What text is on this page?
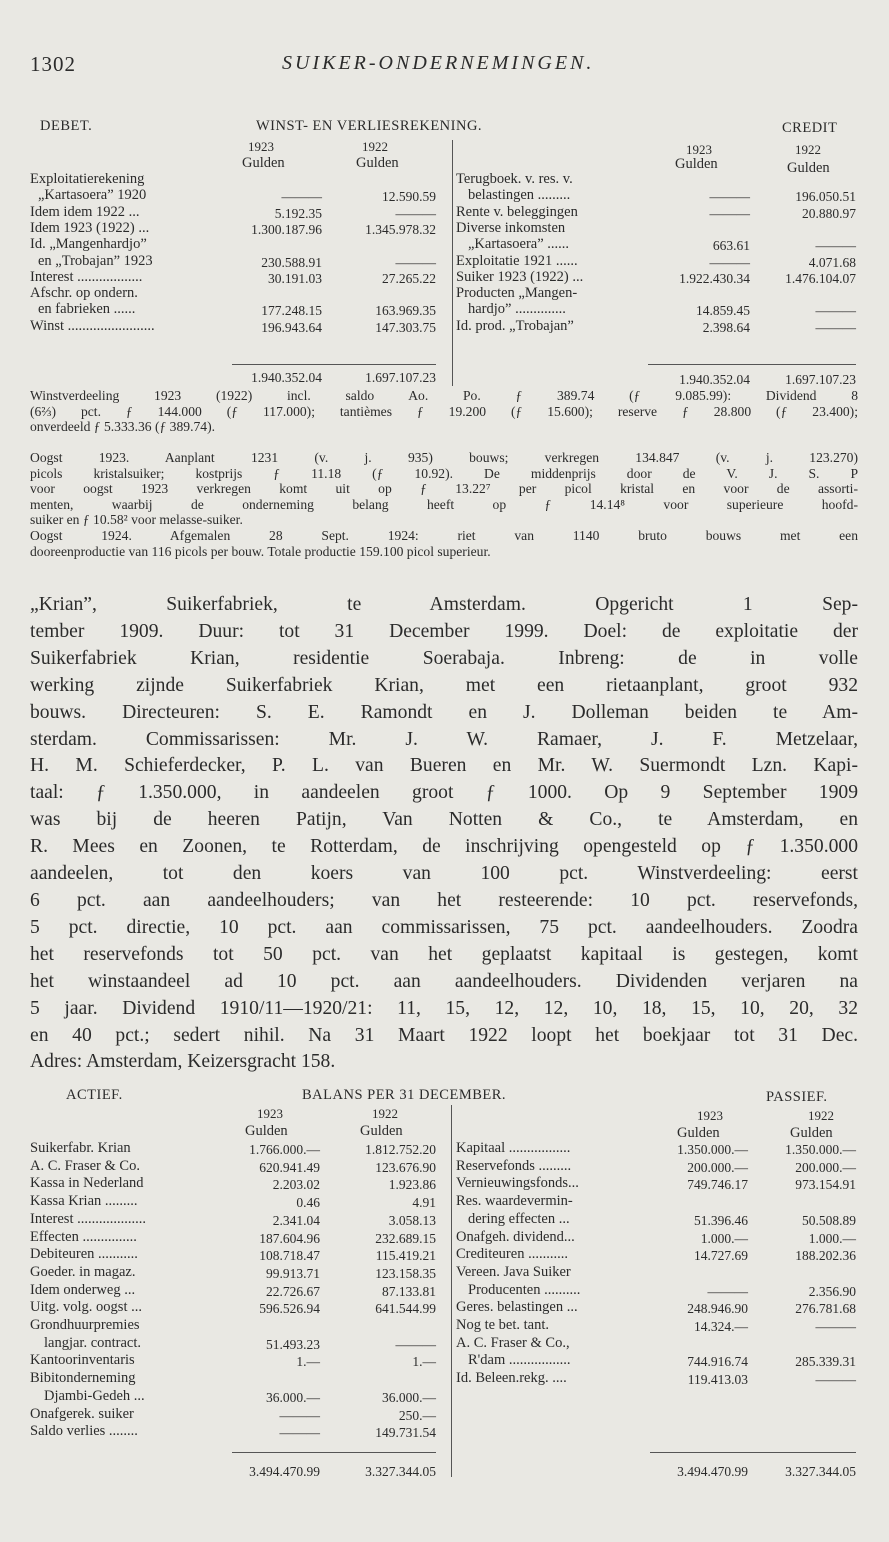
1302	SUIKER-ONDERNEMINGEN.
DEBET.	WINST- EN VERLIESREKENING.	CREDIT
1923	1922	1923	1922
Gulden	Gulden	Gulden	Gulden
Exploitatierekening
„Kartasoera” 1920	———	12.590.59
Idem idem 1922 ...	5.192.35	———
Idem 1923 (1922) ...	1.300.187.96	1.345.978.32
Id. „Mangenhardjo”
en „Trobajan” 1923	230.588.91	———
Interest ..................	30.191.03	27.265.22
Afschr. op ondern.
en fabrieken ......	177.248.15	163.969.35
Winst ........................	196.943.64	147.303.75
Terugboek. v. res. v.
belastingen .........	———	196.050.51
Rente v. beleggingen	———	20.880.97
Diverse inkomsten
„Kartasoera” ......	663.61	———
Exploitatie 1921 ......	———	4.071.68
Suiker 1923 (1922) ...	1.922.430.34	1.476.104.07
Producten „Mangen-
hardjo” ..............	14.859.45	———
Id. prod. „Trobajan”	2.398.64	———
1.940.352.04	1.697.107.23	1.940.352.04	1.697.107.23
Winstverdeeling 1923 (1922) incl. saldo Ao. Po. ƒ 389.74 (ƒ 9.085.99): Dividend 8
(6⅔) pct. ƒ 144.000 (ƒ 117.000); tantièmes ƒ 19.200 (ƒ 15.600); reserve ƒ 28.800 (ƒ 23.400);
onverdeeld ƒ 5.333.36 (ƒ 389.74).
Oogst 1923. Aanplant 1231 (v. j. 935) bouws; verkregen 134.847 (v. j. 123.270)
picols kristalsuiker; kostprijs ƒ 11.18 (ƒ 10.92). De middenprijs door de V. J. S. P
voor oogst 1923 verkregen komt uit op ƒ 13.22⁷ per picol kristal en voor de assorti-
menten, waarbij de onderneming belang heeft op ƒ 14.14⁸ voor superieure hoofd-
suiker en ƒ 10.58² voor melasse-suiker.
Oogst 1924. Afgemalen 28 Sept. 1924: riet van 1140 bruto bouws met een
dooreenproductie van 116 picols per bouw. Totale productie 159.100 picol superieur.
„Krian”, Suikerfabriek, te Amsterdam. Opgericht 1 Sep-
tember 1909. Duur: tot 31 December 1999. Doel: de exploitatie der
Suikerfabriek Krian, residentie Soerabaja. Inbreng: de in volle
werking zijnde Suikerfabriek Krian, met een rietaanplant, groot 932
bouws. Directeuren: S. E. Ramondt en J. Dolleman beiden te Am-
sterdam. Commissarissen: Mr. J. W. Ramaer, J. F. Metzelaar,
H. M. Schieferdecker, P. L. van Bueren en Mr. W. Suermondt Lzn. Kapi-
taal: ƒ 1.350.000, in aandeelen groot ƒ 1000. Op 9 September 1909
was bij de heeren Patijn, Van Notten & Co., te Amsterdam, en
R. Mees en Zoonen, te Rotterdam, de inschrijving opengesteld op ƒ 1.350.000
aandeelen, tot den koers van 100 pct. Winstverdeeling: eerst
6 pct. aan aandeelhouders; van het resteerende: 10 pct. reservefonds,
5 pct. directie, 10 pct. aan commissarissen, 75 pct. aandeelhouders. Zoodra
het reservefonds tot 50 pct. van het geplaatst kapitaal is gestegen, komt
het winstaandeel ad 10 pct. aan aandeelhouders. Dividenden verjaren na
5 jaar. Dividend 1910/11—1920/21: 11, 15, 12, 12, 10, 18, 15, 10, 20, 32
en 40 pct.; sedert nihil. Na 31 Maart 1922 loopt het boekjaar tot 31 Dec.
Adres: Amsterdam, Keizersgracht 158.
ACTIEF.	BALANS PER 31 DECEMBER.	PASSIEF.
1923	1922	1923	1922
Gulden	Gulden	Gulden	Gulden
Suikerfabr. Krian	1.766.000.—	1.812.752.20
A. C. Fraser & Co.	620.941.49	123.676.90
Kassa in Nederland	2.203.02	1.923.86
Kassa Krian .........	0.46	4.91
Interest ...................	2.341.04	3.058.13
Effecten ...............	187.604.96	232.689.15
Debiteuren ...........	108.718.47	115.419.21
Goeder. in magaz.	99.913.71	123.158.35
Idem onderweg ...	22.726.67	87.133.81
Uitg. volg. oogst ...	596.526.94	641.544.99
Grondhuurpremies
langjar. contract.	51.493.23	———
Kantoorinventaris	1.—	1.—
Bibitonderneming
Djambi-Gedeh ...	36.000.—	36.000.—
Onafgerek. suiker	———	250.—
Saldo verlies ........	———	149.731.54
Kapitaal .................	1.350.000.—	1.350.000.—
Reservefonds .........	200.000.—	200.000.—
Vernieuwingsfonds...	749.746.17	973.154.91
Res. waardevermin-
dering effecten ...	51.396.46	50.508.89
Onafgeh. dividend...	1.000.—	1.000.—
Crediteuren ...........	14.727.69	188.202.36
Vereen. Java Suiker
Producenten ..........	———	2.356.90
Geres. belastingen ...	248.946.90	276.781.68
Nog te bet. tant.	14.324.—	———
A. C. Fraser & Co.,
R'dam .................	744.916.74	285.339.31
Id. Beleen.rekg. ....	119.413.03	———
3.494.470.99	3.327.344.05	3.494.470.99	3.327.344.05
